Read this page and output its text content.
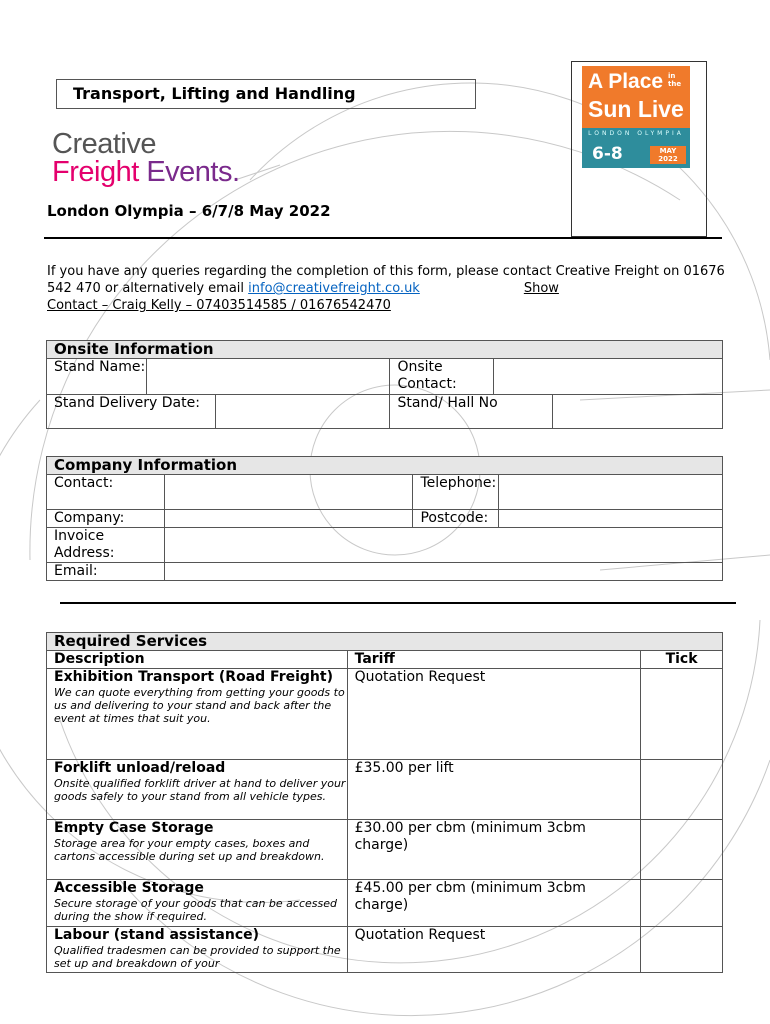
Transport, Lifting and Handling
Creative
Freight Events.
A Place in the
Sun Live
LONDON OLYMPIA
6-8	MAY
2022
London Olympia – 6/7/8 May 2022
If you have any queries regarding the completion of this form, please contact Creative Freight on 01676 542 470 or alternatively email info@creativefreight.co.uk	Show
Contact – Craig Kelly – 07403514585 / 01676542470
Onsite Information					
Stand Name:			Onsite Contact:		
Stand Delivery Date:			Stand/ Hall No		
Company Information			
Contact:		Telephone:	
Company:		Postcode:	
Invoice Address:			
Email:			
Required Services		
Description	Tariff	Tick

Exhibition Transport (Road Freight)
We can quote everything from getting your goods to us and delivering to your stand and back after the event at times that suit you.	Quotation Request	

Forklift unload/reload
Onsite qualified forklift driver at hand to deliver your goods safely to your stand from all vehicle types.	£35.00 per lift	

Empty Case Storage
Storage area for your empty cases, boxes and cartons accessible during set up and breakdown.	£30.00 per cbm (minimum 3cbm charge)	

Accessible Storage
Secure storage of your goods that can be accessed during the show if required.	£45.00 per cbm (minimum 3cbm charge)	

Labour (stand assistance)
Qualified tradesmen can be provided to support the set up and breakdown of your	Quotation Request	
